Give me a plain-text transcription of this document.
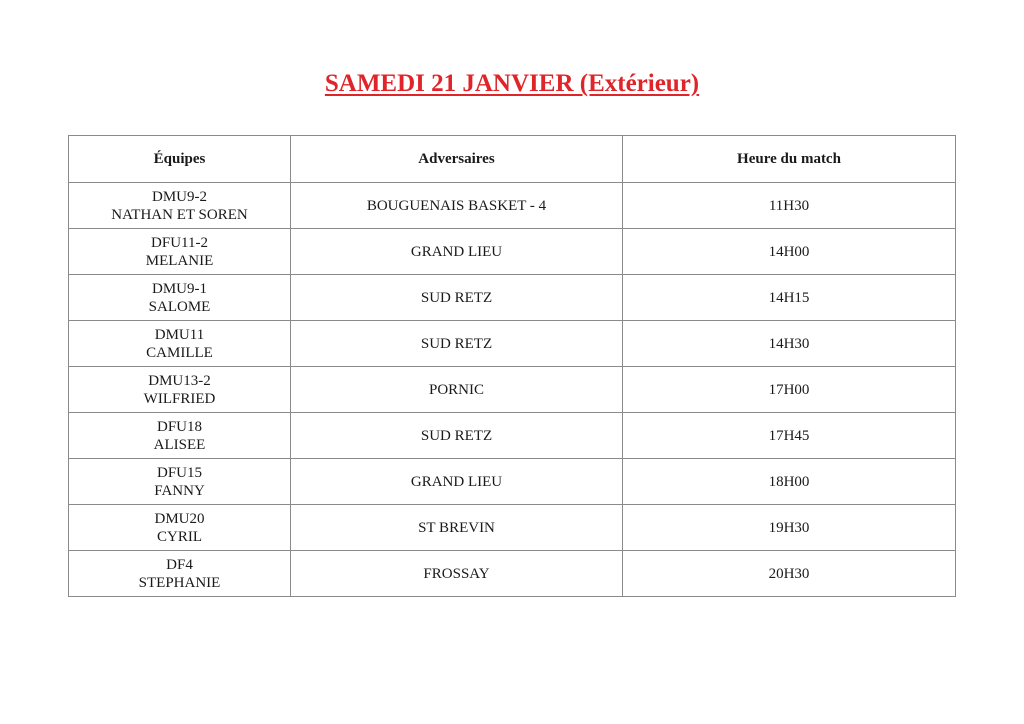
SAMEDI 21 JANVIER (Extérieur)
Équipes	Adversaires	Heure du match

DMU9-2
NATHAN ET SOREN	BOUGUENAIS BASKET - 4	11H30

DFU11-2
MELANIE	GRAND LIEU	14H00

DMU9-1
SALOME	SUD RETZ	14H15

DMU11
CAMILLE	SUD RETZ	14H30

DMU13-2
WILFRIED	PORNIC	17H00

DFU18
ALISEE	SUD RETZ	17H45

DFU15
FANNY	GRAND LIEU	18H00

DMU20
CYRIL	ST BREVIN	19H30

DF4
STEPHANIE	FROSSAY	20H30
